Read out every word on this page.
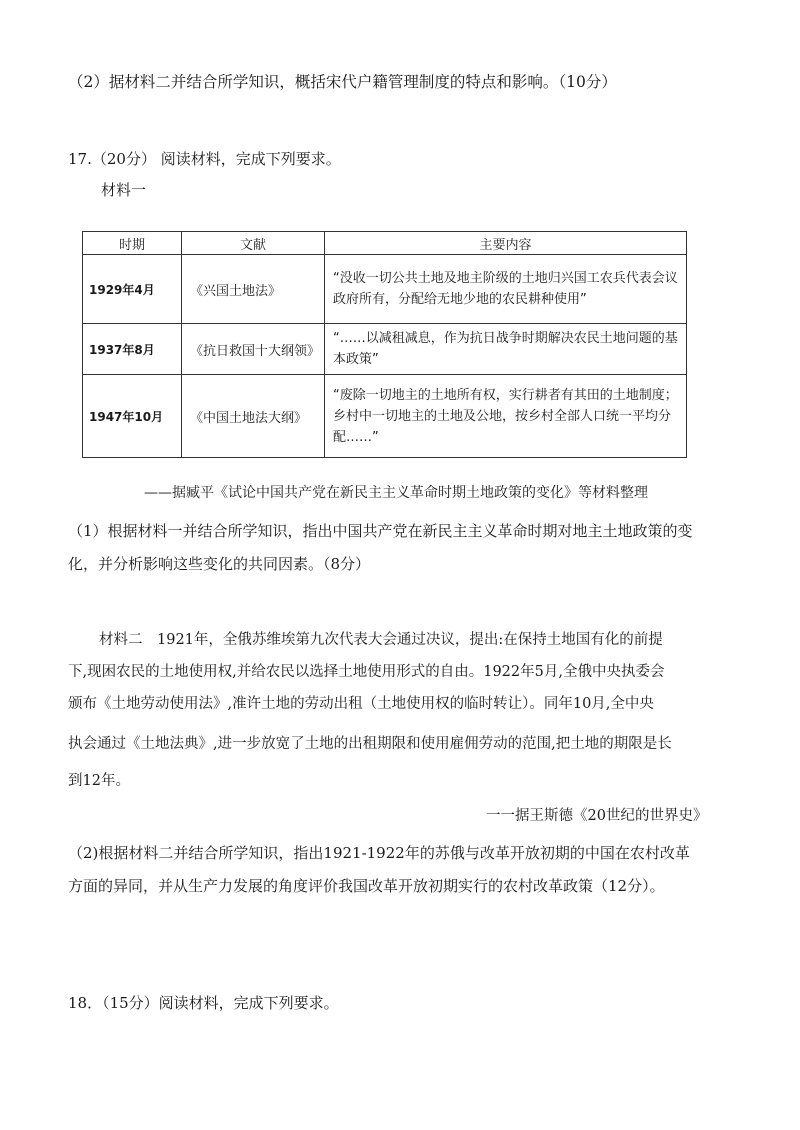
（2）据材料二并结合所学知识，概括宋代户籍管理制度的特点和影响。（10分）
17.（20分） 阅读材料，完成下列要求。
材料一
时期	文献	主要内容
1929年4月	《兴国土地法》	“没收一切公共土地及地主阶级的土地归兴国工农兵代表会议政府所有，分配给无地少地的农民耕种使用”
1937年8月	《抗日救国十大纲领》	“……以减租减息，作为抗日战争时期解决农民土地问题的基本政策”
1947年10月	《中国土地法大纲》	“废除一切地主的土地所有权，实行耕者有其田的土地制度；乡村中一切地主的土地及公地，按乡村全部人口统一平均分配……”
——据臧平《试论中国共产党在新民主主义革命时期土地政策的变化》等材料整理
（1）根据材料一并结合所学知识，指出中国共产党在新民主主义革命时期对地主土地政策的变
化，并分析影响这些变化的共同因素。（8分）
材料二　1921年，全俄苏维埃第九次代表大会通过决议，提出:在保持土地国有化的前提
下,现困农民的土地使用权,并给农民以选择土地使用形式的自由。1922年5月,全俄中央执委会
颁布《土地劳动使用法》,准许土地的劳动出租（土地使用权的临时转让）。同年10月,全中央
执会通过《土地法典》,进一步放宽了土地的出租期限和使用雇佣劳动的范围,把土地的期限是长
到12年。
一一据王斯德《20世纪的世界史》
（2)根据材料二并结合所学知识，指出1921-1922年的苏俄与改革开放初期的中国在农村改革
方面的异同，并从生产力发展的角度评价我国改革开放初期实行的农村改革政策（12分）。
18．（15分）阅读材料，完成下列要求。
